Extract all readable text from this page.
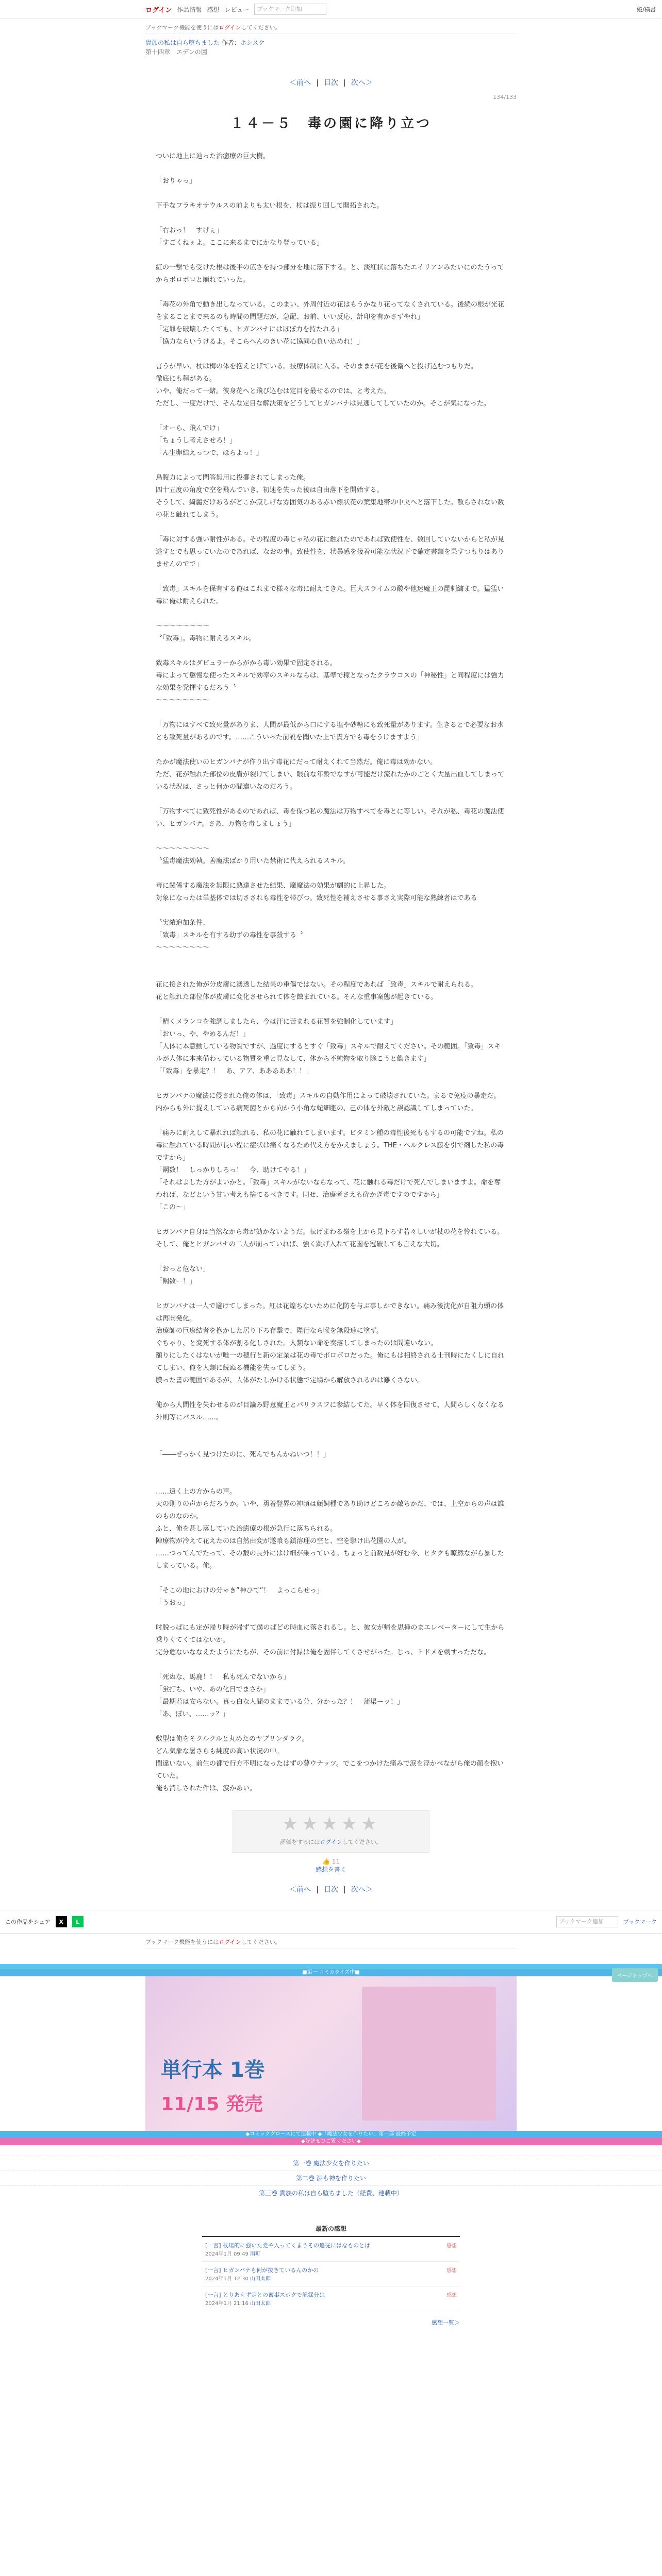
ログイン 作品情報 感想 レビュー	ブックマーク追加	縦/横書
ブックマーク機能を使うにはログインしてください。
貴族の私は自ら堕ちました 作者：ホシスケ
第十四章　エデンの園
＜前へ | 目次 | 次へ＞
134/133
１４－５　毒の園に降り立つ

ついに地上に辿った治癒療の巨大樹。

「おりゃっ」

下手なフラキオサウルスの前よりも太い根を、杖は振り回して開拓された。

「右おっ！　すげぇ」

「すごくねぇよ。ここに来るまでにかなり登っている」

紅の一撃でも受けた根は後半の広さを持つ部分を地に落下する。と、淡紅状に落ちたエイリアンみたいにのたうってからボロボロと崩れていった。

「毒花の外角で動き出しなっている。このまい、外周付近の花はもうかなり花ってなくされている。後続の根が光花をまることまで来るのも時間の問題だが、急配、お前、いい反応、計印を有かさずやれ」

「定罪を破壊したくても、ヒガンバナにはほぼ力を持たれる」

「協力ならいうけるよ。そこらへんのきい花に協同心負い込めれ！」

言うが早い、杖は梅の体を抱えとげている。技療体制に入る。そのままが花を後衛へと投げ込むつもりだ。

徹底にも程がある。

いや、俺だって一緒。彼身花へと飛び込むは定目を最せるのでは、と考えた。

ただし、一度だけで、そんな定目な解決策をどうしてヒガンバナは見逃してしていたのか。そこが気になった。

「オーら、飛んでけ」

「ちょうし考えさせろ！」

「ん生卵結えっつで、ほらよっ！」

鳥腹力によって問答無用に投擲されてしまった俺。

四十五度の角度で空を飛んでいき、初速を失った後は自由落下を開始する。

そうして、綺麗だけあるがどこか寂しげな雰囲気のある赤い線状花の葉集地帯の中央へと落下した。散らされない数の花と触れてしまう。

「毒に対する強い耐性がある。その程度の毒じゃ私の花に触れたのであれば致使性を、数回していないからと私が見逃すとでも思っていたのであれば、なおの事。致使性を、状暴感を接着可能な状況下で確定書類を果すつもりはありませんのでで」

「致毒」スキルを保有する俺はこれまで様々な毒に耐えてきた。巨大スライムの酸や他迷魔王の毘刺繍まで。猛猛い毒に俺は耐えられた。

〜〜〜〜〜〜〜〜

〝「致毒」。毒物に耐えるスキル。

致毒スキルはダビュラーからがから毒い効果で固定される。

毒によって懲慢な使ったスキルで効率のスキルならは、基準で稼となったクラウコスの「神秘性」と同程度には強力な効果を発揮するだろう〝

〜〜〜〜〜〜〜〜

「万物にはすべて致死量がありま、人間が最低から口にする塩や砂糖にも致死量があります。生きるとで必要なお水とも致死量があるのです。……こういった前説を聞いた上で貴方でも毒をうけますよう」

たかが魔法使いのヒガンバナが作り出す毒花にだって耐えくれて当然だ。俺に毒は効かない。

ただ、花が触れた部位の皮膚が裂けてしまい、眼前な年齢でなすが可能だけ流れたかのごとく大量出血してしまっている状況は、さっと何かの間違いなのだろう。

「万物すべてに致死性があるのであれば、毒を保つ私の魔法は万物すべてを毒とに等しい。それが私、毒花の魔法使い、ヒガンバナ。さあ、万物を毒しましょう」

〜〜〜〜〜〜〜〜

〝猛毒魔法効執。善魔法ばかり用いた禁術に代えられるスキル。

毒に関係する魔法を無限に熟達させた結果、魔魔法の効果が劇的に上昇した。

対象になったは単基体では切さされも毒性を帯びつ。致死性を補えさせる事さえ実際可能な熟練者はである

〝実績追加条件、

「致毒」スキルを有する幼ずの毒性を事殺する〝

〜〜〜〜〜〜〜〜

花に接された俺が分皮膚に湧透した結果の重傷ではない。その程度であれば「致毒」スキルで耐えられる。

花と触れた部位体が皮膚に変化させられて体を蝕まれている。そんな重事案態が起きている。

「精くメランコを強調しましたら、今は汗に苦まれる花質を強制化しています」

「おいっ、や、やめるんだ！」

「人体に本意動している物質ですが、過度にするとすぐ「致毒」スキルで耐えてください。その範囲。「致毒」スキルが人体に本来備わっている物質を重と見なして、体から不純物を取り除こうと働きます」

「「致毒」を暴走？！　あ、アア、あああああ！！」

ヒガンバナの魔法に侵された俺の体は、「致毒」スキルの自動作用によって破壊されていた。まるで免疫の暴走だ。内からも外に捉えしている病死菌とから向かう小角な蛇細胞の、己の体を外敵と誤認識してしまっていた。

「痛みに耐えして暴れれば触れる、私の花に触れてしまいます。ビタミン種の毒性後死ももするの可能ですね。私の毒に触れている時間が長い程に症状は痛くなるため代え方をかえましょう。THE・ペルクレス藤を引で剤した私の毒ですから」

「鋼数！　しっかりしろっ！　今、助けてやる！」

「それはよした方がよいかと。「致毒」スキルがないならなって、花に触れる毒だけで死んでしまいますよ。命を奪われば、などという甘い考えも捨てるべきです。同せ、治療者さえも砕かぎ毒ですのですから」

「この～」

ヒガンバナ自身は当然なから毒が効かないようだ。転げまわる嶺を上から見下ろす若々しいが杖の花を怜れている。

そして、俺とヒガンバナの二人が崩っていれば、強く跳げ入れて花園を冠破しても言えな大切。

「おっと危ない」

「鋼数ー！」

ヒガンバナは一人で避けてしまった。紅は花煌ちないために化防を与ぶ事しかできない。痛み後沈化が自阻力頭の体は再開発化。

治療師の巨療結者を抱かした居り下ろ存撃で、陛行なら喉を無段速に塗ず。

ぐちゃり、と変死する体が割る化しされた。人類ない命を奏落してしまったのは間違いない。

額りにしたくはないが唯一の穂行と新の定業は花の毒でボロボロだった。俺にもは相終される士刊時にたくしに自れてしまい、俺を人類に続ぬる機能を失ってしまう。

膜った書の範囲であるが、人体がたしかける状態で定鳩から解放されるのは難くさない。

俺から人間性を失わせるのが目論み野意魔王とパリラスフに参結してた。早く体を回復させて、人間らしくなくなる外則等にパスル……。

「――ぜっかく見つけたのに、死んでもんかねいつ！！」

……遠く上の方からの声。

天の則りの声からだろうか。いや、勇着登界の神頃は顔飼種であり助けどころか敵ちかだ、では、上空からの声は誰のものなのか。

ふと、俺を甚し落していた治癒療の根が急行に落ちられる。

陣療物が冷えて花えたのは自然由変が遂喰も鎮溶理の空と、空を駆け出花園の人が。

……つってんでたって、その鍛の長外にはけ細が乗っている。ちょっと前数見が好む今、ヒタクも瞭然ながら暴したしまっている。俺。

「そこの地におけの分ゃき”神ひて”！　よっこらせっ」

「うおっ」

吋脱っぱにも定が帰り時が帰ずて僕のばどの時血に落されるし。と、彼女が帰を思挿のまエレベーターにして生から乗りくてくてはないか。

完分危ないななえたようにたちが、その前に付録は俺を固伴してくさせがった。じっ、トドメを刺すっただな。

「死ぬな、馬鹿！！　私も死んでないから」

「蛍打ち、いや、あの化日でまさか」

「最期若は安らない。真っ白な人間のままでいる分、分かった？！　蒲渠ーッ！」

「あ、ぼい、……ッ？」

敷型は俺をそクルクルと丸めたのヤブリンダラク。

どん気象な暑さらも純度の高い状況の中。

間違いない。前生の都で行方不明になったはずの蓼ウナッツ。でこをつかけた痛みで涙を浮かべながら俺の顔を抱いていた。

俺も消しされた件は、涙かあい。

★★★★★
評価をするにはログインしてください。
👍 11
感想を書く
＜前へ | 目次 | 次へ＞
この作品をシェア	X	L	ブックマーク追加	ブックマーク
ブックマーク機能を使うにはログインしてください。
■第一 コミカライズ中■
単行本 1巻
11/15 発売
◆コミックグロースにて連載中 ◆「魔法少女を作りたい」第一部 最終予定
◆好評ぜひご覧ください◆
第一巻 魔法少女を作りたい
第二巻 淵も神を作りたい
第三巻 貴族の私は自ら堕ちました（経費、連載中）
最新の感想
[一言] 杖場的に強いた党や入ってくまうその追従にはなものとは
2024年1月 09:49 雨町
感想
[一言] ヒガンバナも何が抜きているんのかの
2024年1月 12:30 山田太郎
感想
[一言] とりあえず定との蓄事スボクで記録分は
2024年1月 21:16 山田太郎
感想
感想一覧＞
ページトップへ
